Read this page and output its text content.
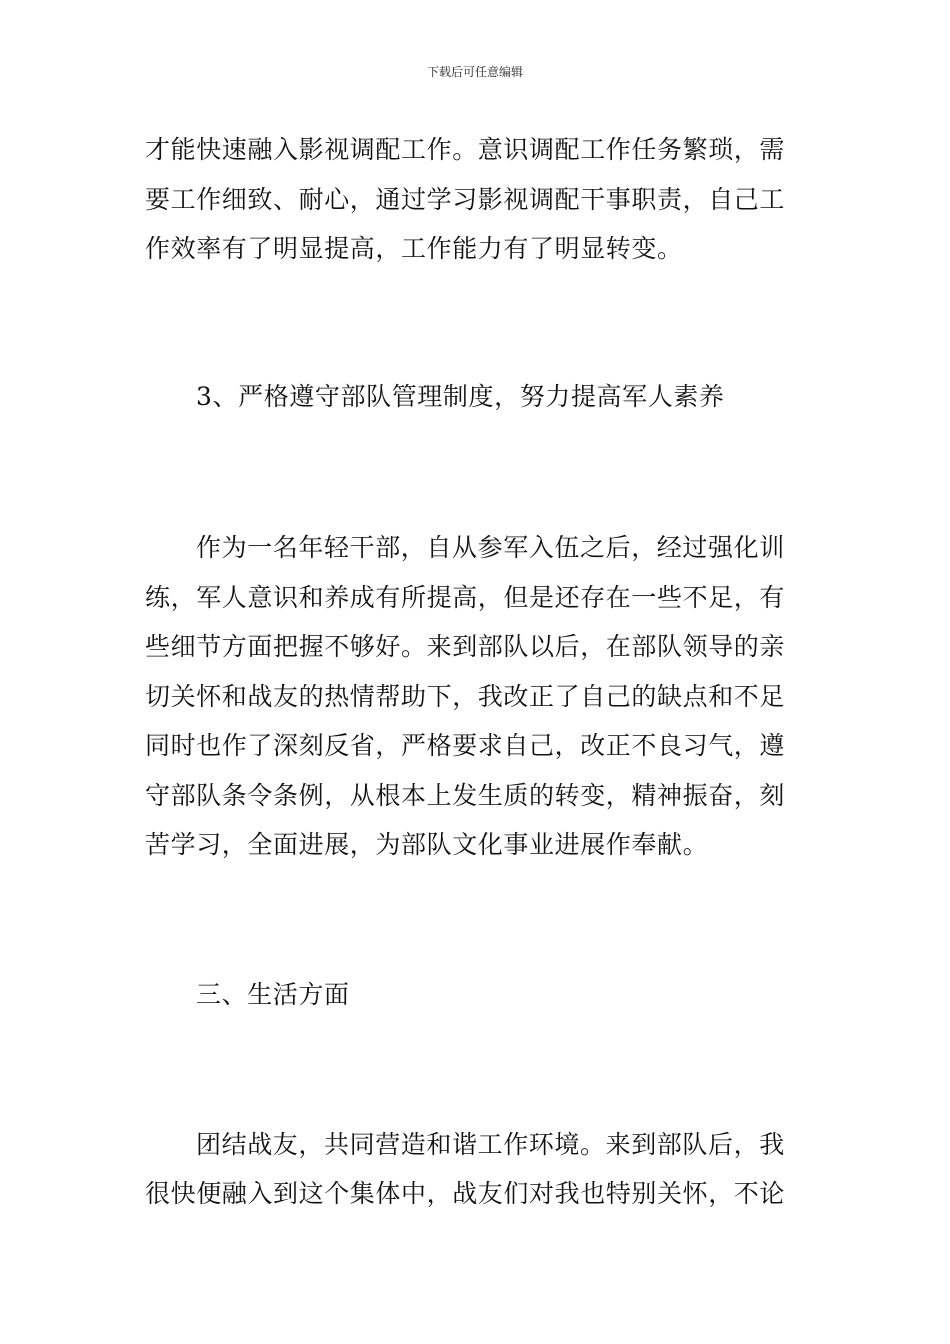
下载后可任意编辑
才能快速融入影视调配工作。意识调配工作任务繁琐，需
要工作细致、耐心，通过学习影视调配干事职责，自己工
作效率有了明显提高，工作能力有了明显转变。
3、严格遵守部队管理制度，努力提高军人素养
作为一名年轻干部，自从参军入伍之后，经过强化训
练，军人意识和养成有所提高，但是还存在一些不足，有
些细节方面把握不够好。来到部队以后，在部队领导的亲
切关怀和战友的热情帮助下，我改正了自己的缺点和不足
同时也作了深刻反省，严格要求自己，改正不良习气，遵
守部队条令条例，从根本上发生质的转变，精神振奋，刻
苦学习，全面进展，为部队文化事业进展作奉献。
三、生活方面
团结战友，共同营造和谐工作环境。来到部队后，我
很快便融入到这个集体中，战友们对我也特别关怀，不论
